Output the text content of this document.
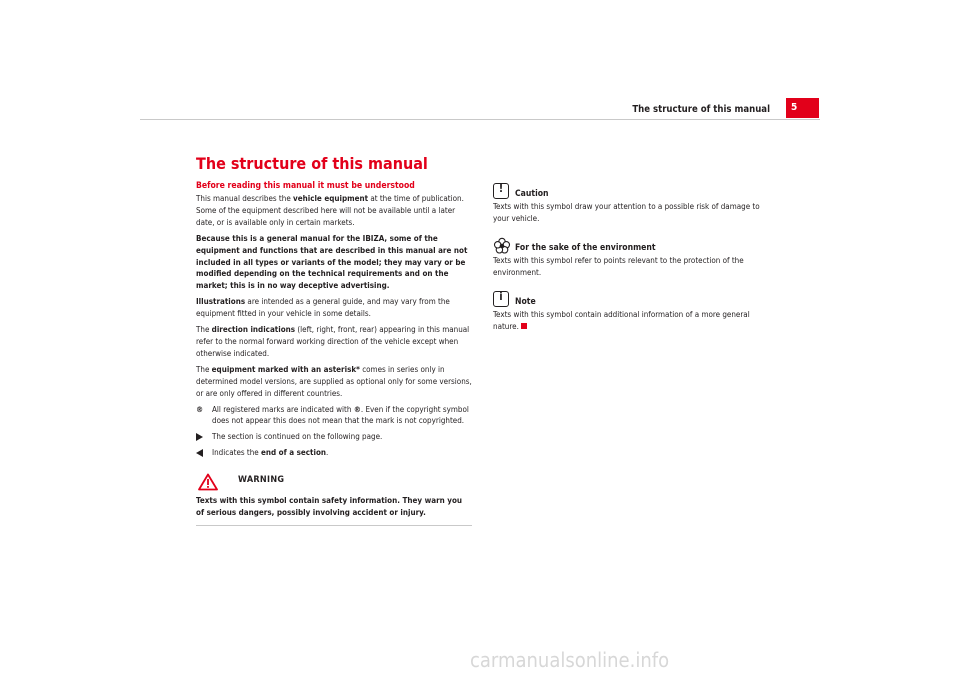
The structure of this manual 5
The structure of this manual

Before reading this manual it must be understood

This manual describes the vehicle equipment at the time of publication. Some of the equipment described here will not be available until a later date, or is available only in certain markets.

Because this is a general manual for the IBIZA, some of the equipment and functions that are described in this manual are not included in all types or variants of the model; they may vary or be modified depending on the technical requirements and on the market; this is in no way deceptive advertising.

Illustrations are intended as a general guide, and may vary from the equipment fitted in your vehicle in some details.

The direction indications (left, right, front, rear) appearing in this manual refer to the normal forward working direction of the vehicle except when otherwise indicated.

The equipment marked with an asterisk* comes in series only in determined model versions, are supplied as optional only for some versions, or are only offered in different countries.

®	All registered marks are indicated with ®. Even if the copyright symbol does not appear this does not mean that the mark is not copyrighted.
The section is continued on the following page.
Indicates the end of a section.
WARNING
Texts with this symbol contain safety information. They warn you of serious dangers, possibly involving accident or injury.
!	Caution

Texts with this symbol draw your attention to a possible risk of damage to your vehicle.

For the sake of the environment

Texts with this symbol refer to points relevant to the protection of the environment.

i	Note

Texts with this symbol contain additional information of a more general nature.

carmanualsonline.info
